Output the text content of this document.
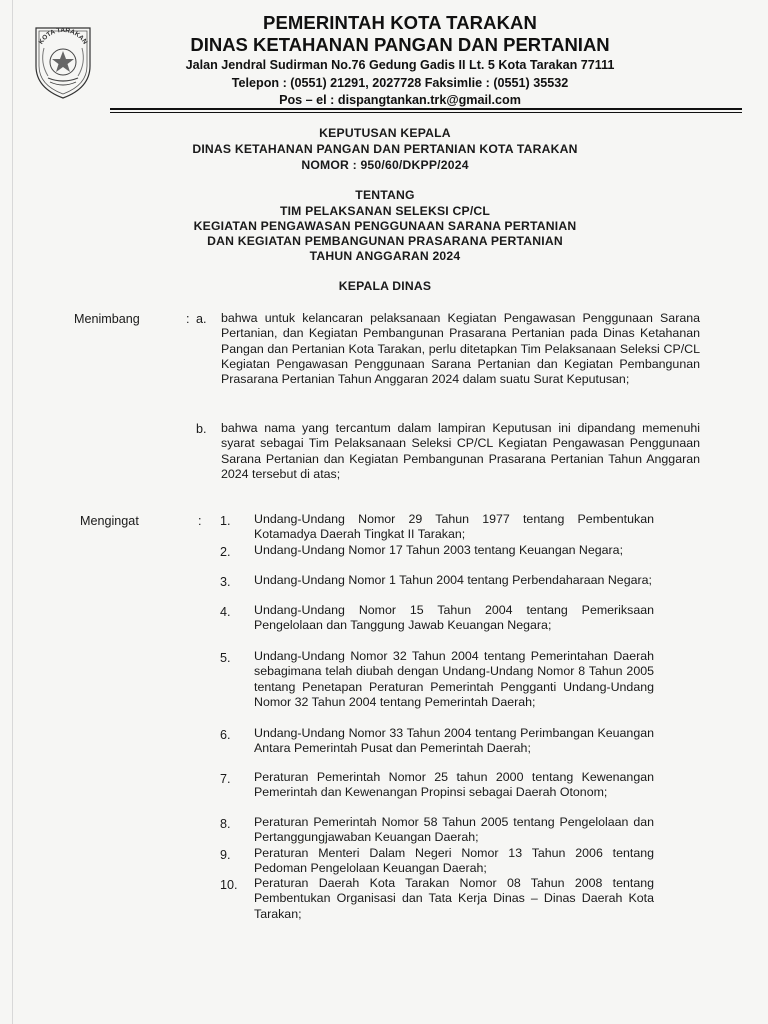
KOTA TARAKAN
PEMERINTAH KOTA TARAKAN
DINAS KETAHANAN PANGAN DAN PERTANIAN
Jalan Jendral Sudirman No.76 Gedung Gadis II Lt. 5 Kota Tarakan 77111
Telepon : (0551) 21291, 2027728 Faksimlie : (0551) 35532
Pos – el : dispangtankan.trk@gmail.com
KEPUTUSAN KEPALA
DINAS KETAHANAN PANGAN DAN PERTANIAN KOTA TARAKAN
NOMOR : 950/60/DKPP/2024
TENTANG
TIM PELAKSANAN SELEKSI CP/CL
KEGIATAN PENGAWASAN PENGGUNAAN SARANA PERTANIAN
DAN KEGIATAN PEMBANGUNAN PRASARANA PERTANIAN
TAHUN ANGGARAN 2024
KEPALA DINAS
Menimbang	: a. bahwa untuk kelancaran pelaksanaan Kegiatan Pengawasan Penggunaan Sarana Pertanian, dan Kegiatan Pembangunan Prasarana Pertanian pada Dinas Ketahanan Pangan dan Pertanian Kota Tarakan, perlu ditetapkan Tim Pelaksanaan Seleksi CP/CL Kegiatan Pengawasan Penggunaan Sarana Pertanian dan Kegiatan Pembangunan Prasarana Pertanian Tahun Anggaran 2024 dalam suatu Surat Keputusan;

b. bahwa nama yang tercantum dalam lampiran Keputusan ini dipandang memenuhi syarat sebagai Tim Pelaksanaan Seleksi CP/CL Kegiatan Pengawasan Penggunaan Sarana Pertanian dan Kegiatan Pembangunan Prasarana Pertanian Tahun Anggaran 2024 tersebut di atas;

Mengingat	: 1. Undang-Undang Nomor 29 Tahun 1977 tentang Pembentukan Kotamadya Daerah Tingkat II Tarakan;

2. Undang-Undang Nomor 17 Tahun 2003 tentang Keuangan Negara;

3. Undang-Undang Nomor 1 Tahun 2004 tentang Perbendaharaan Negara;

4. Undang-Undang Nomor 15 Tahun 2004 tentang Pemeriksaan Pengelolaan dan Tanggung Jawab Keuangan Negara;

5. Undang-Undang Nomor 32 Tahun 2004 tentang Pemerintahan Daerah sebagimana telah diubah dengan Undang-Undang Nomor 8 Tahun 2005 tentang Penetapan Peraturan Pemerintah Pengganti Undang-Undang Nomor 32 Tahun 2004 tentang Pemerintah Daerah;

6. Undang-Undang Nomor 33 Tahun 2004 tentang Perimbangan Keuangan Antara Pemerintah Pusat dan Pemerintah Daerah;

7. Peraturan Pemerintah Nomor 25 tahun 2000 tentang Kewenangan Pemerintah dan Kewenangan Propinsi sebagai Daerah Otonom;

8. Peraturan Pemerintah Nomor 58 Tahun 2005 tentang Pengelolaan dan Pertanggungjawaban Keuangan Daerah;

9. Peraturan Menteri Dalam Negeri Nomor 13 Tahun 2006 tentang Pedoman Pengelolaan Keuangan Daerah;

10. Peraturan Daerah Kota Tarakan Nomor 08 Tahun 2008 tentang Pembentukan Organisasi dan Tata Kerja Dinas – Dinas Daerah Kota Tarakan;
